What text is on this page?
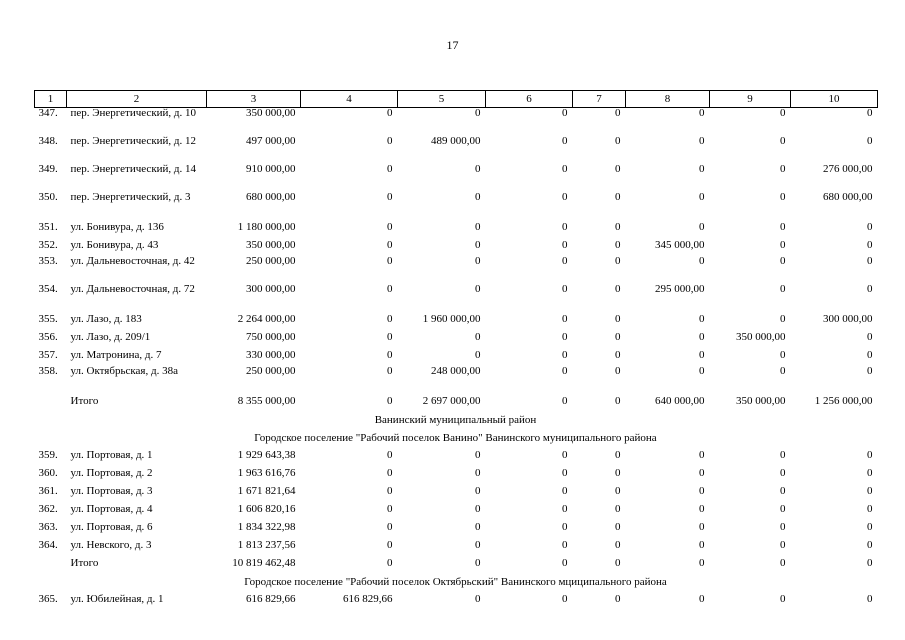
17
1	2	3	4	5	6	7	8	9	10
347.	пер. Энергетический, д. 10	350 000,00	0	0	0	0	0	0	0
348.	пер. Энергетический, д. 12	497 000,00	0	489 000,00	0	0	0	0	0
349.	пер. Энергетический, д. 14	910 000,00	0	0	0	0	0	0	276 000,00
350.	пер. Энергетический, д. 3	680 000,00	0	0	0	0	0	0	680 000,00
351.	ул. Бонивура, д. 136	1 180 000,00	0	0	0	0	0	0	0
352.	ул. Бонивура, д. 43	350 000,00	0	0	0	0	345 000,00	0	0
353.	ул. Дальневосточная, д. 42	250 000,00	0	0	0	0	0	0	0
354.	ул. Дальневосточная, д. 72	300 000,00	0	0	0	0	295 000,00	0	0
355.	ул. Лазо, д. 183	2 264 000,00	0	1 960 000,00	0	0	0	0	300 000,00
356.	ул. Лазо, д. 209/1	750 000,00	0	0	0	0	0	350 000,00	0
357.	ул. Матронина, д. 7	330 000,00	0	0	0	0	0	0	0
358.	ул. Октябрьская, д. 38а	250 000,00	0	248 000,00	0	0	0	0	0
	Итого	8 355 000,00	0	2 697 000,00	0	0	640 000,00	350 000,00	1 256 000,00
Ванинский муниципальный район									
Городское поселение "Рабочий поселок Ванино" Ванинского муниципального района									
359.	ул. Портовая, д. 1	1 929 643,38	0	0	0	0	0	0	0
360.	ул. Портовая, д. 2	1 963 616,76	0	0	0	0	0	0	0
361.	ул. Портовая, д. 3	1 671 821,64	0	0	0	0	0	0	0
362.	ул. Портовая, д. 4	1 606 820,16	0	0	0	0	0	0	0
363.	ул. Портовая, д. 6	1 834 322,98	0	0	0	0	0	0	0
364.	ул. Невского, д. 3	1 813 237,56	0	0	0	0	0	0	0
	Итого	10 819 462,48	0	0	0	0	0	0	0
Городское поселение "Рабочий поселок Октябрьский" Ванинского мциципального района									
365.	ул. Юбилейная, д. 1	616 829,66	616 829,66	0	0	0	0	0	0
